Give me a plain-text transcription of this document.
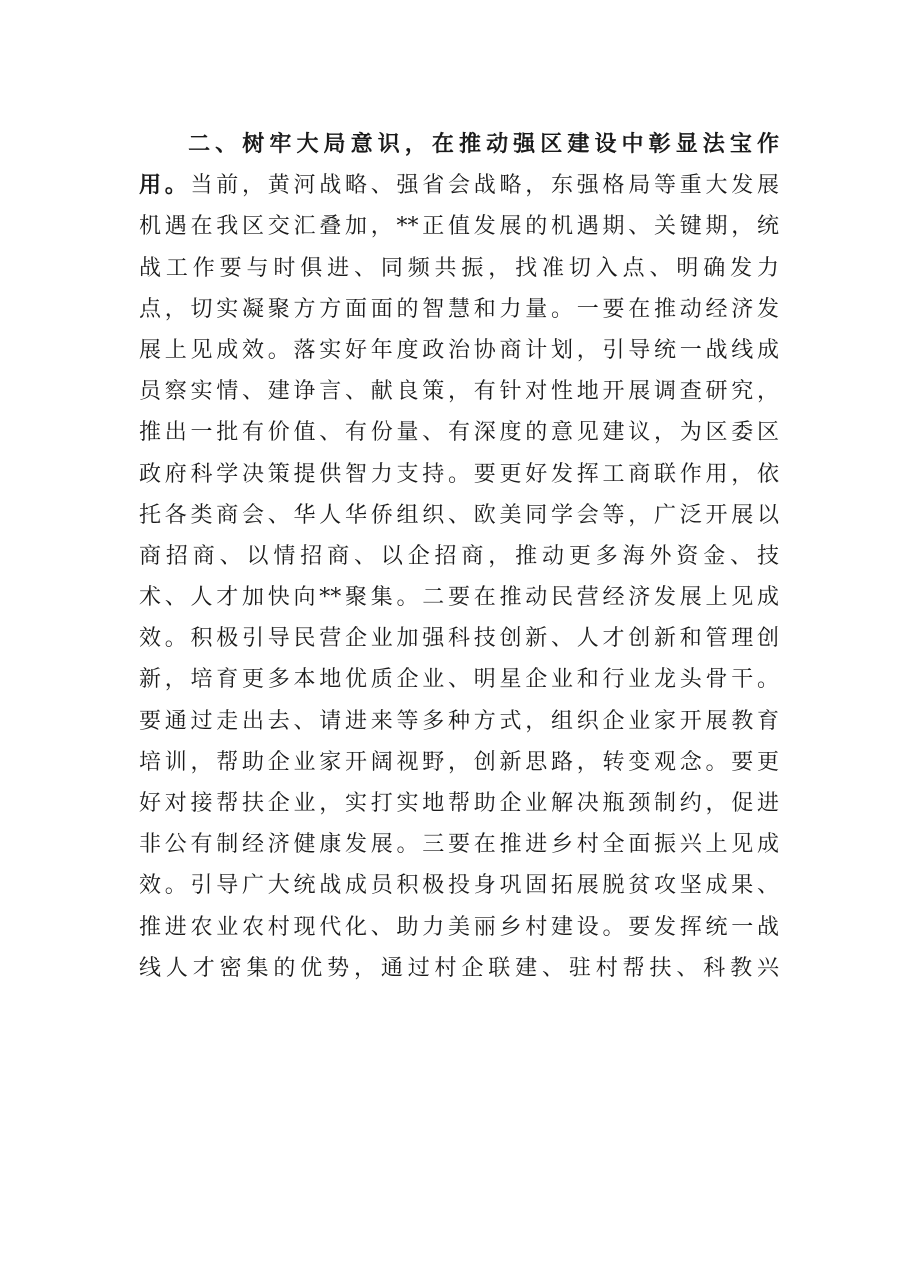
二、树牢大局意识，在推动强区建设中彰显法宝作
用。当前，黄河战略、强省会战略，东强格局等重大发展
机遇在我区交汇叠加，**正值发展的机遇期、关键期，统
战工作要与时俱进、同频共振，找准切入点、明确发力
点，切实凝聚方方面面的智慧和力量。一要在推动经济发
展上见成效。落实好年度政治协商计划，引导统一战线成
员察实情、建诤言、献良策，有针对性地开展调查研究，
推出一批有价值、有份量、有深度的意见建议，为区委区
政府科学决策提供智力支持。要更好发挥工商联作用，依
托各类商会、华人华侨组织、欧美同学会等，广泛开展以
商招商、以情招商、以企招商，推动更多海外资金、技
术、人才加快向**聚集。二要在推动民营经济发展上见成
效。积极引导民营企业加强科技创新、人才创新和管理创
新，培育更多本地优质企业、明星企业和行业龙头骨干。
要通过走出去、请进来等多种方式，组织企业家开展教育
培训，帮助企业家开阔视野，创新思路，转变观念。要更
好对接帮扶企业，实打实地帮助企业解决瓶颈制约，促进
非公有制经济健康发展。三要在推进乡村全面振兴上见成
效。引导广大统战成员积极投身巩固拓展脱贫攻坚成果、
推进农业农村现代化、助力美丽乡村建设。要发挥统一战
线人才密集的优势，通过村企联建、驻村帮扶、科教兴
